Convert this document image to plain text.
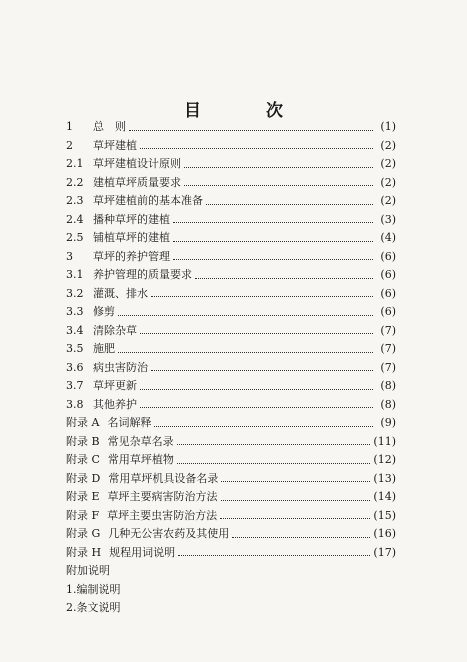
目　次
1	总　则	(1)
2	草坪建植	(2)
2.1 草坪建植设计原则	(2)
2.2 建植草坪质量要求	(2)
2.3 草坪建植前的基本准备	(2)
2.4 播种草坪的建植	(3)
2.5 铺植草坪的建植	(4)
3	草坪的养护管理	(6)
3.1 养护管理的质量要求	(6)
3.2 灌溉、排水	(6)
3.3 修剪	(6)
3.4 清除杂草	(7)
3.5 施肥	(7)
3.6 病虫害防治	(7)
3.7 草坪更新	(8)
3.8 其他养护	(8)
附录 A 名词解释	(9)
附录 B 常见杂草名录	(11)
附录 C 常用草坪植物	(12)
附录 D 常用草坪机具设备名录	(13)
附录 E 草坪主要病害防治方法	(14)
附录 F 草坪主要虫害防治方法	(15)
附录 G 几种无公害农药及其使用	(16)
附录 H 规程用词说明	(17)
附加说明
1.编制说明
2.条文说明
